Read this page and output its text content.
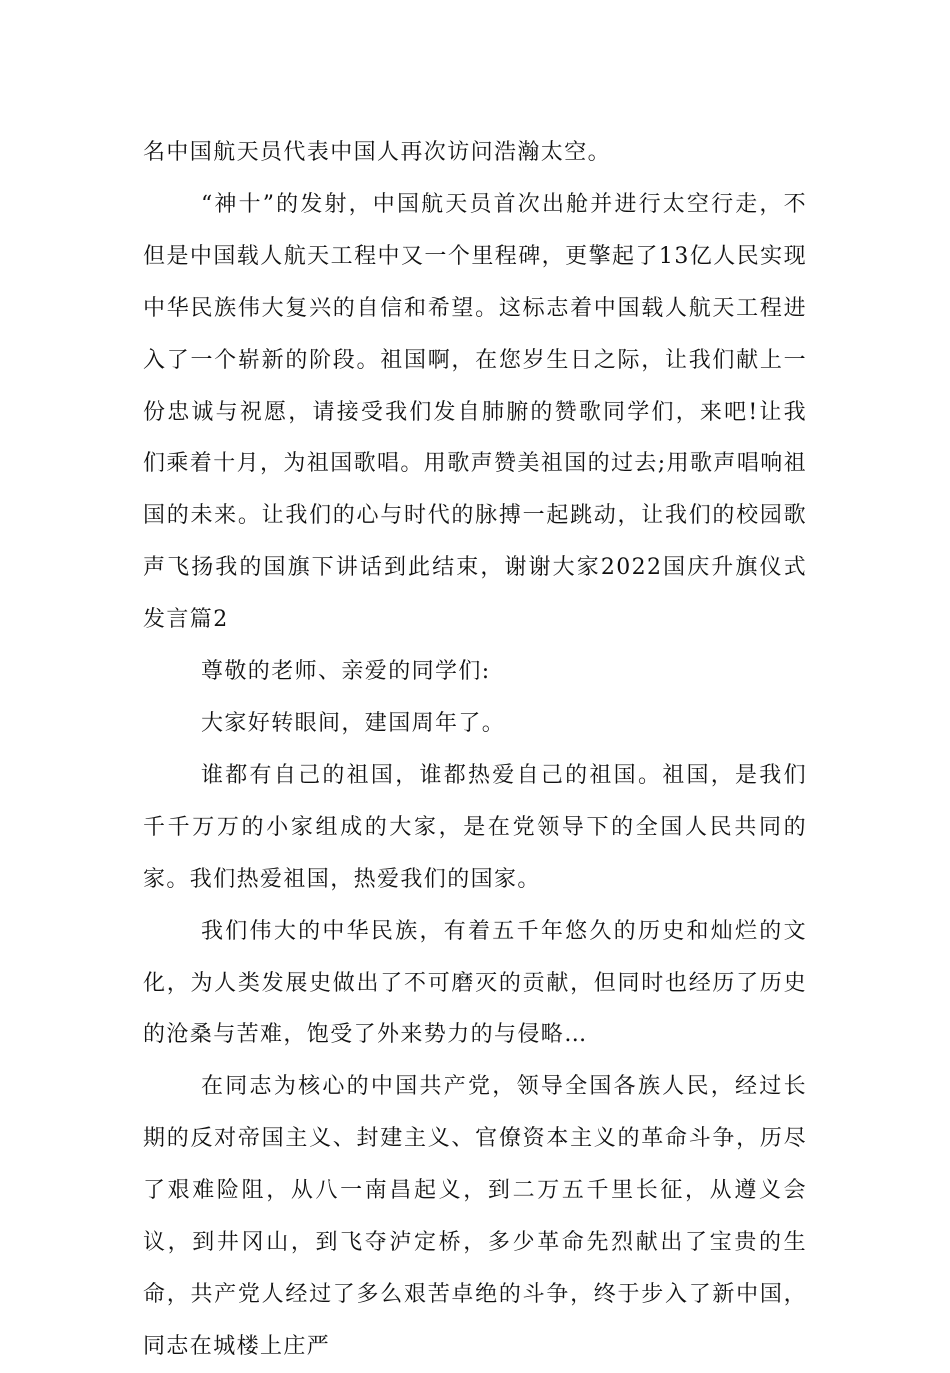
名中国航天员代表中国人再次访问浩瀚太空。

“神十”的发射，中国航天员首次出舱并进行太空行走，不但是中国载人航天工程中又一个里程碑，更擎起了13亿人民实现中华民族伟大复兴的自信和希望。这标志着中国载人航天工程进入了一个崭新的阶段。祖国啊，在您岁生日之际，让我们献上一份忠诚与祝愿，请接受我们发自肺腑的赞歌同学们，来吧!让我们乘着十月，为祖国歌唱。用歌声赞美祖国的过去;用歌声唱响祖国的未来。让我们的心与时代的脉搏一起跳动，让我们的校园歌声飞扬我的国旗下讲话到此结束，谢谢大家2022国庆升旗仪式发言篇2

尊敬的老师、亲爱的同学们:

大家好转眼间，建国周年了。

谁都有自己的祖国，谁都热爱自己的祖国。祖国，是我们千千万万的小家组成的大家，是在党领导下的全国人民共同的家。我们热爱祖国，热爱我们的国家。

我们伟大的中华民族，有着五千年悠久的历史和灿烂的文化，为人类发展史做出了不可磨灭的贡献，但同时也经历了历史的沧桑与苦难，饱受了外来势力的与侵略…

在同志为核心的中国共产党，领导全国各族人民，经过长期的反对帝国主义、封建主义、官僚资本主义的革命斗争，历尽了艰难险阻，从八一南昌起义，到二万五千里长征，从遵义会议，到井冈山，到飞夺泸定桥，多少革命先烈献出了宝贵的生命，共产党人经过了多么艰苦卓绝的斗争，终于步入了新中国，同志在城楼上庄严
